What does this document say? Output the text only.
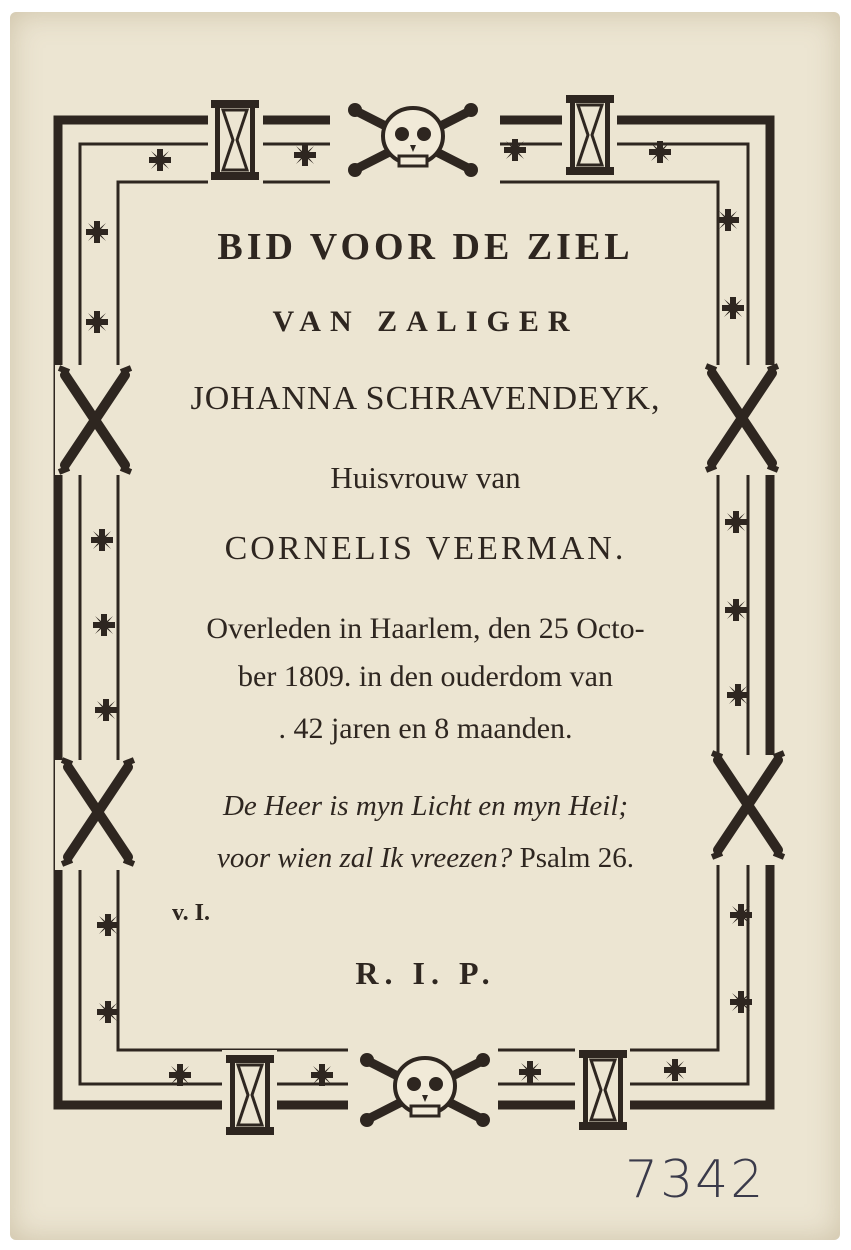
BID VOOR DE ZIEL
VAN ZALIGER
JOHANNA SCHRAVENDEYK,
Huisvrouw van
CORNELIS VEERMAN.
Overleden in Haarlem, den 25 Octo-
ber 1809. in den ouderdom van
. 42 jaren en 8 maanden.
De Heer is myn Licht en myn Heil;
voor wien zal Ik vreezen? Psalm 26.
v. I.
R. I. P.
7342
